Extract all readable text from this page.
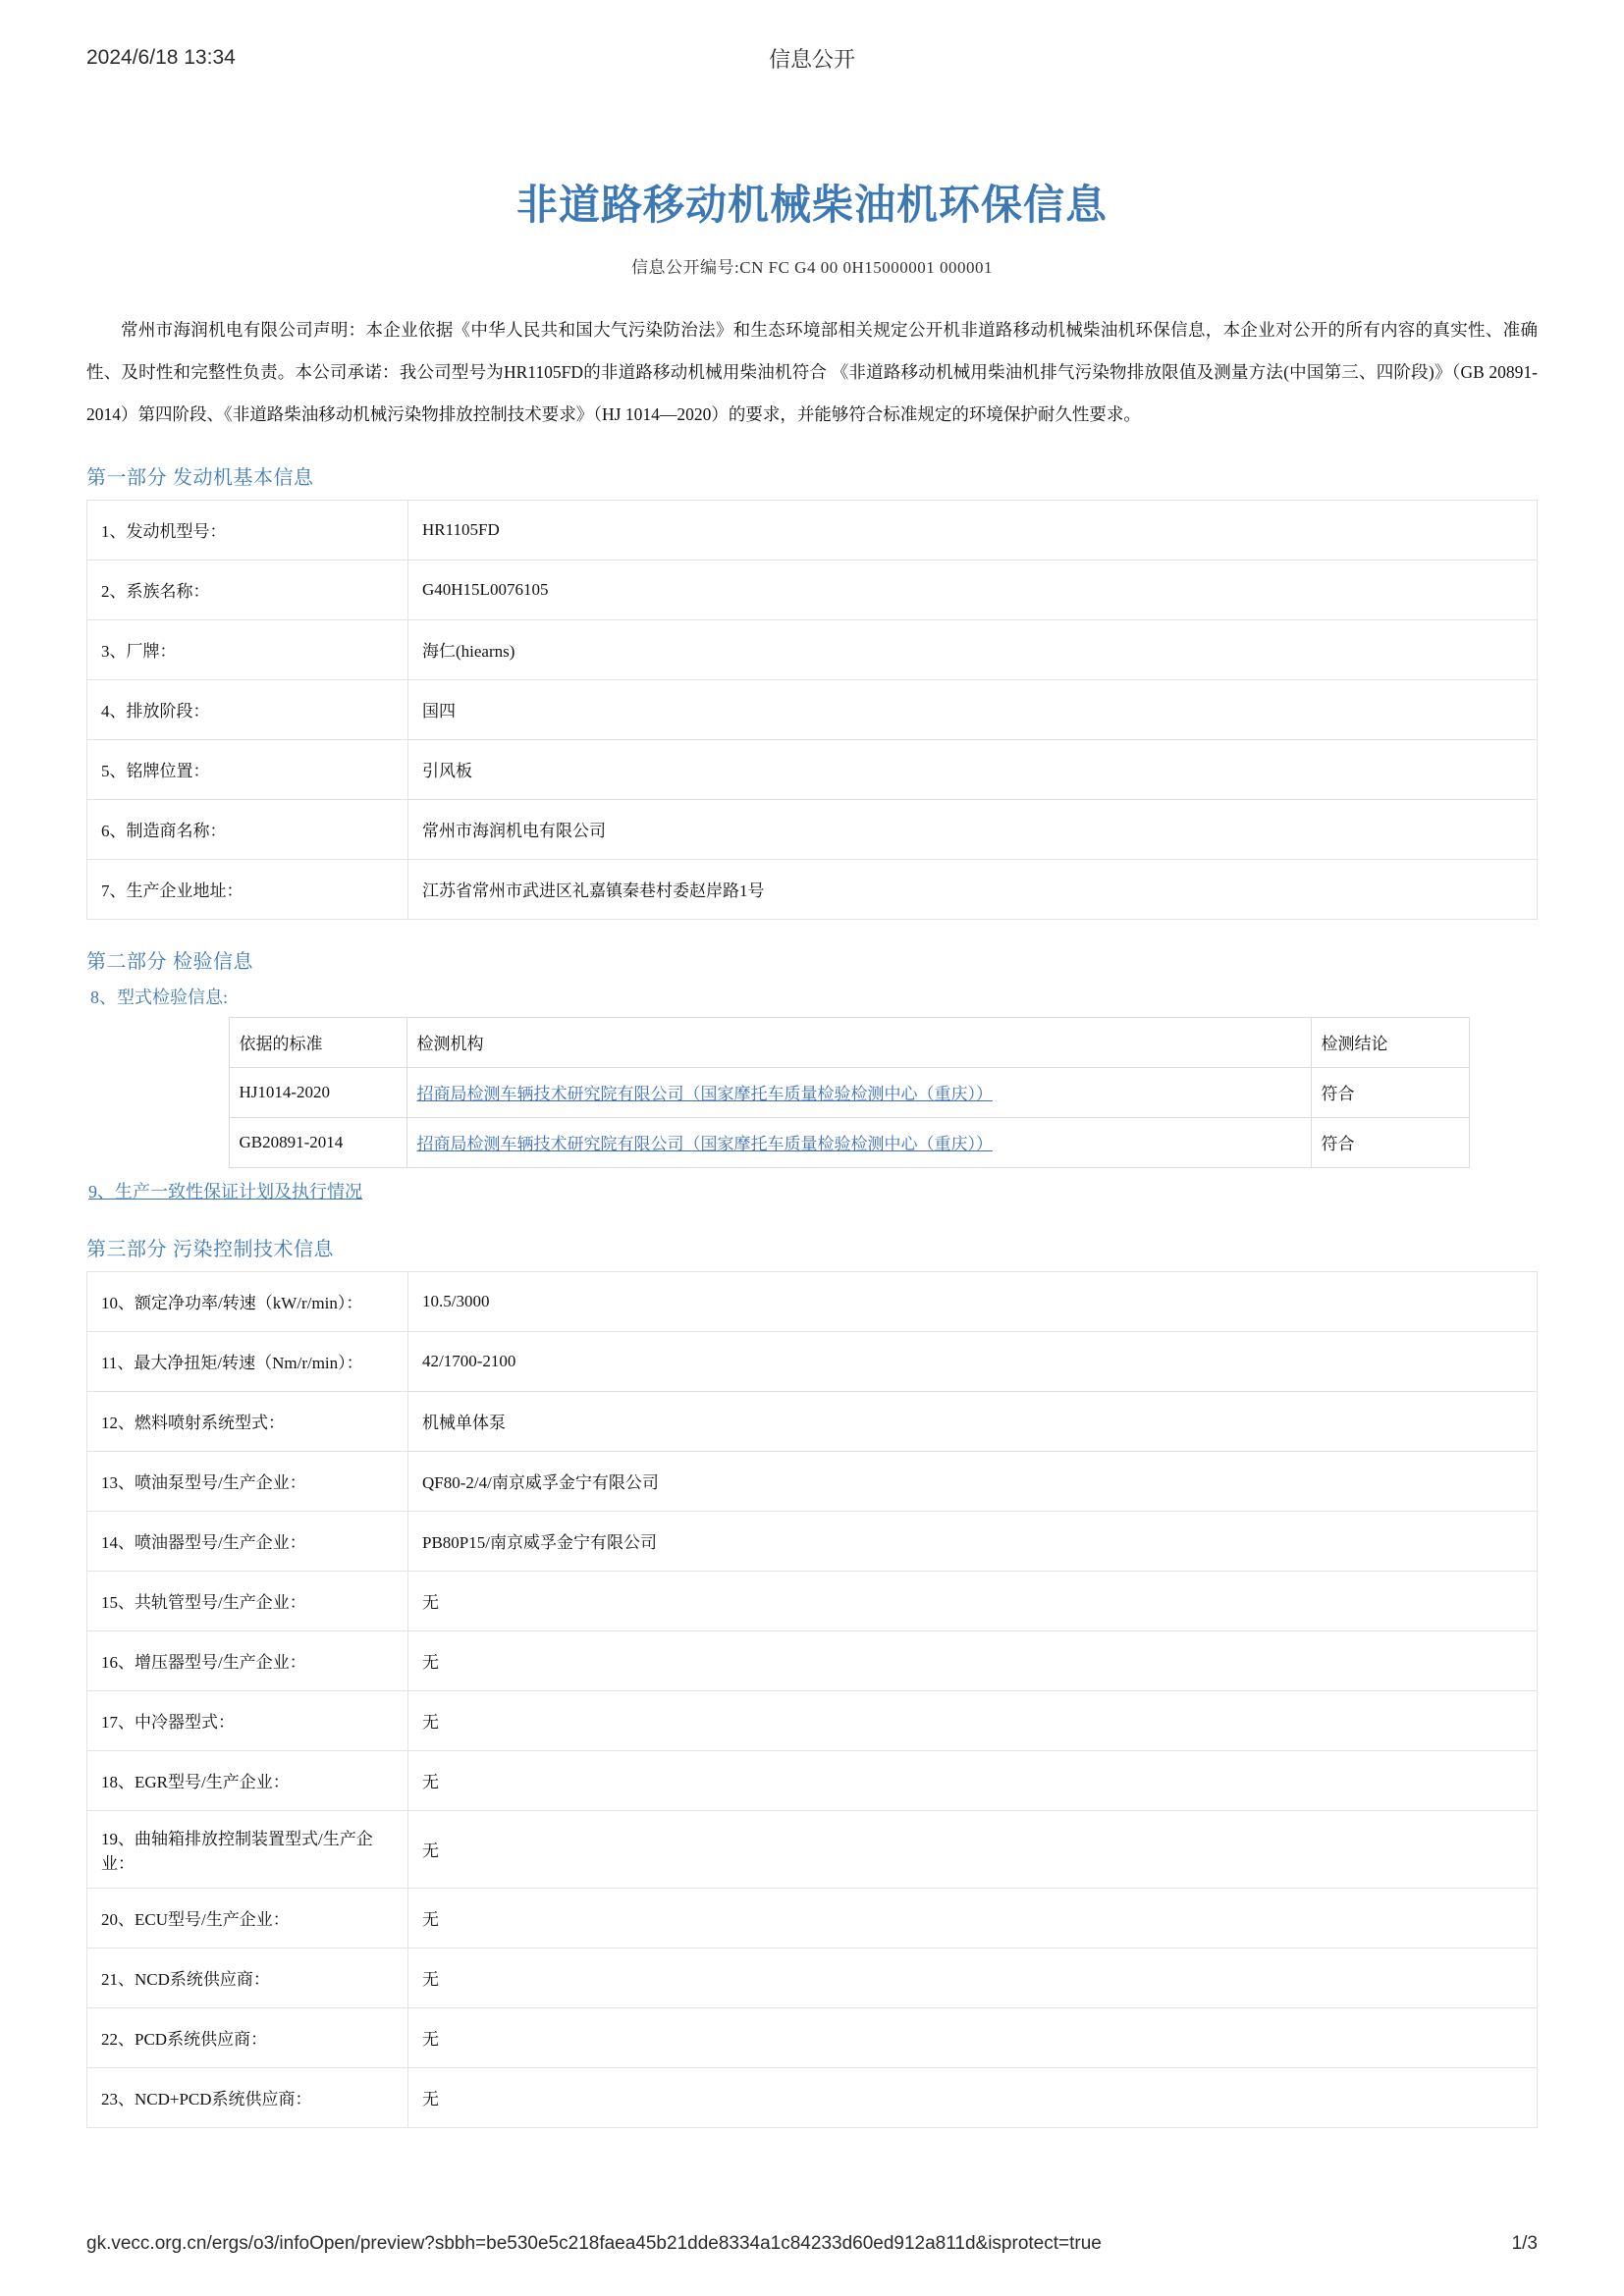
2024/6/18 13:34	信息公开
非道路移动机械柴油机环保信息
信息公开编号:CN FC G4 00 0H15000001 000001
常州市海润机电有限公司声明：本企业依据《中华人民共和国大气污染防治法》和生态环境部相关规定公开机非道路移动机械柴油机环保信息，本企业对公开的所有内容的真实性、准确性、及时性和完整性负责。本公司承诺：我公司型号为HR1105FD的非道路移动机械用柴油机符合 《非道路移动机械用柴油机排气污染物排放限值及测量方法(中国第三、四阶段)》（GB 20891-2014）第四阶段、《非道路柴油移动机械污染物排放控制技术要求》（HJ 1014—2020）的要求，并能够符合标准规定的环境保护耐久性要求。
第一部分 发动机基本信息
1、发动机型号：	HR1105FD
2、系族名称：	G40H15L0076105
3、厂牌：	海仁(hiearns)
4、排放阶段：	国四
5、铭牌位置：	引风板
6、制造商名称：	常州市海润机电有限公司
7、生产企业地址：	江苏省常州市武进区礼嘉镇秦巷村委赵岸路1号
第二部分 检验信息
8、型式检验信息:
依据的标准	检测机构	检测结论
HJ1014-2020	招商局检测车辆技术研究院有限公司（国家摩托车质量检验检测中心（重庆））	符合
GB20891-2014	招商局检测车辆技术研究院有限公司（国家摩托车质量检验检测中心（重庆））	符合
9、生产一致性保证计划及执行情况
第三部分 污染控制技术信息
10、额定净功率/转速（kW/r/min）：	10.5/3000
11、最大净扭矩/转速（Nm/r/min）：	42/1700-2100
12、燃料喷射系统型式：	机械单体泵
13、喷油泵型号/生产企业：	QF80-2/4/南京威孚金宁有限公司
14、喷油器型号/生产企业：	PB80P15/南京威孚金宁有限公司
15、共轨管型号/生产企业：	无
16、增压器型号/生产企业：	无
17、中冷器型式：	无
18、EGR型号/生产企业：	无
19、曲轴箱排放控制装置型式/生产企业：	无
20、ECU型号/生产企业：	无
21、NCD系统供应商：	无
22、PCD系统供应商：	无
23、NCD+PCD系统供应商：	无
gk.vecc.org.cn/ergs/o3/infoOpen/preview?sbbh=be530e5c218faea45b21dde8334a1c84233d60ed912a811d&isprotect=true	1/3
